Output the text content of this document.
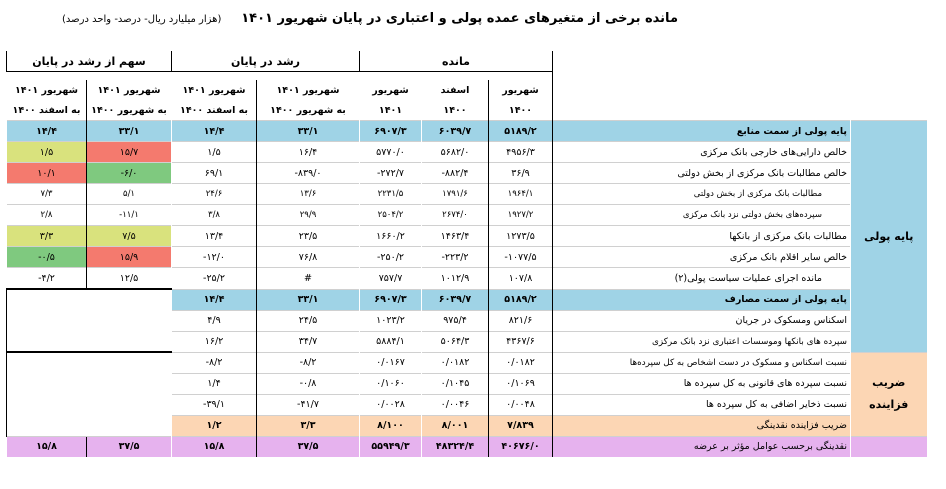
مانده برخی از متغیرهای عمده پولی و اعتباری در پایان شهریور ۱۴۰۱
(هزار میلیارد ریال- درصد- واحد درصد)
سهم از رشد در پایان		رشد در پایان		مانده				

شهریور ۱۴۰۱	شهریور ۱۴۰۱	شهریور ۱۴۰۱	شهریور ۱۴۰۱	شهریور	اسفند	شهریور		
به اسفند ۱۴۰۰	به شهریور ۱۴۰۰	به اسفند ۱۴۰۰	به شهریور ۱۴۰۰	۱۴۰۱	۱۴۰۰	۱۴۰۰		
۱۴/۴	۳۳/۱	۱۴/۴	۳۳/۱	۶۹۰۷/۳	۶۰۳۹/۷	۵۱۸۹/۲	پایه پولی از سمت منابع	پایه پولی
۱/۵	۱۵/۷	۱/۵	۱۶/۴	۵۷۷۰/۰	۵۶۸۲/۰	۴۹۵۶/۳	خالص دارایی‌های خارجی بانک مرکزی	
۱۰/۱	-۶/۰	۶۹/۱	-۸۳۹/۰	-۲۷۲/۷	-۸۸۲/۴	۳۶/۹	خالص مطالبات بانک مرکزی از بخش دولتی	
۷/۳	۵/۱	۲۴/۶	۱۳/۶	۲۲۳۱/۵	۱۷۹۱/۶	۱۹۶۴/۱	مطالبات بانک مرکزی از بخش دولتی	
۲/۸	-۱۱/۱	۳/۸	۲۹/۹	۲۵۰۴/۲	۲۶۷۴/۰	۱۹۲۷/۲	سپرده‌های بخش دولتی نزد بانک مرکزی	
۳/۳	۷/۵	۱۳/۴	۲۳/۵	۱۶۶۰/۲	۱۴۶۳/۴	۱۲۷۳/۵	مطالبات بانک مرکزی از بانکها	
-۰/۵	۱۵/۹	-۱۲/۰	۷۶/۸	-۲۵۰/۲	-۲۲۳/۲	-۱۰۷۷/۵	خالص سایر اقلام بانک مرکزی	
-۴/۲	۱۲/۵	-۲۵/۲	#	۷۵۷/۷	۱۰۱۲/۹	۱۰۷/۸	مانده اجرای عملیات سیاست پولی(۲)	
		۱۴/۴	۳۳/۱	۶۹۰۷/۳	۶۰۳۹/۷	۵۱۸۹/۲	پایه پولی از سمت مصارف	
		۴/۹	۲۴/۵	۱۰۲۳/۲	۹۷۵/۴	۸۲۱/۶	اسکناس ومسکوک در جریان	
		۱۶/۲	۳۴/۷	۵۸۸۴/۱	۵۰۶۴/۳	۴۳۶۷/۶	سپرده های بانکها وموسسات اعتباری نزد بانک مرکزی	
		-۸/۲	-۸/۲	۰/۰۱۶۷	۰/۰۱۸۲	۰/۰۱۸۲	نسبت اسکناس و مسکوک در دست اشخاص به کل سپرده‌ها	ضریب فزاینده
		۱/۴	-۰/۸	۰/۱۰۶۰	۰/۱۰۴۵	۰/۱۰۶۹	نسبت سپرده های قانونی به کل سپرده ها	
		-۳۹/۱	-۴۱/۷	۰/۰۰۲۸	۰/۰۰۴۶	۰/۰۰۴۸	نسبت ذخایر اضافی به کل سپرده ها	
		۱/۲	۳/۳	۸/۱۰۰	۸/۰۰۱	۷/۸۳۹	ضریب فزاینده نقدینگی	
۱۵/۸	۳۷/۵	۱۵/۸	۳۷/۵	۵۵۹۴۹/۳	۴۸۳۲۴/۴	۴۰۶۷۶/۰	نقدینگی برحسب عوامل مؤثر بر عرضه	
